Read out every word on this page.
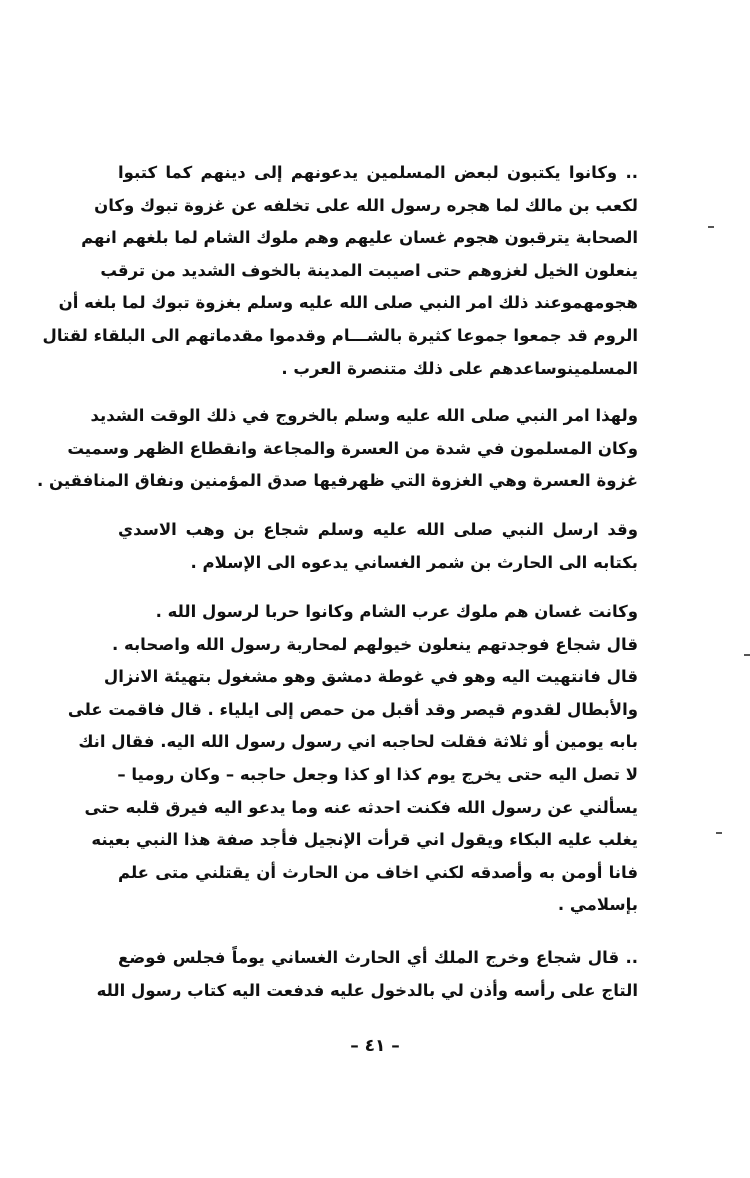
.. وكانوا يكتبون لبعض المسلمين يدعونهم إلى دينهم كما كتبوا
لكعب بن مالك لما هجره رسول الله على تخلفه عن غزوة تبوك وكان
الصحابة يترقبون هجوم غسان عليهم وهم ملوك الشام لما بلغهم انهم
ينعلون الخيل لغزوهم حتى اصيبت المدينة بالخوف الشديد من ترقب
هجومهموعند ذلك امر النبي صلى الله عليه وسلم بغزوة تبوك لما بلغه أن
الروم قد جمعوا جموعا كثيرة بالشـــام وقدموا مقدماتهم الى البلقاء لقتال
المسلمينوساعدهم على ذلك متنصرة العرب .
ولهذا امر النبي صلى الله عليه وسلم بالخروج في ذلك الوقت الشديد
وكان المسلمون في شدة من العسرة والمجاعة وانقطاع الظهر وسميت
غزوة العسرة وهي الغزوة التي ظهرفيها صدق المؤمنين ونفاق المنافقين .
وقد ارسل النبي صلى الله عليه وسلم شجاع بن وهب الاسدي
بكتابه الى الحارث بن شمر الغساني يدعوه الى الإسلام .
وكانت غسان هم ملوك عرب الشام وكانوا حربا لرسول الله .
قال شجاع فوجدتهم ينعلون خيولهم لمحاربة رسول الله واصحابه .
قال فانتهيت اليه وهو في غوطة دمشق وهو مشغول بتهيئة الانزال
والأبطال لقدوم قيصر وقد أقبل من حمص إلى ايلياء . قال فاقمت على
بابه يومين أو ثلاثة فقلت لحاجبه اني رسول رسول الله اليه. فقال انك
لا تصل اليه حتى يخرج يوم كذا او كذا وجعل حاجبه – وكان روميا –
يسألني عن رسول الله فكنت احدثه عنه وما يدعو اليه فيرق قلبه حتى
يغلب عليه البكاء ويقول اني قرأت الإنجيل فأجد صفة هذا النبي بعينه
فانا أومن به وأصدقه لكني اخاف من الحارث أن يقتلني متى علم
بإسلامي .
.. قال شجاع وخرج الملك أي الحارث الغساني يوماً فجلس فوضع
التاج على رأسه وأذن لي بالدخول عليه فدفعت اليه كتاب رسول الله
– ٤١ –
